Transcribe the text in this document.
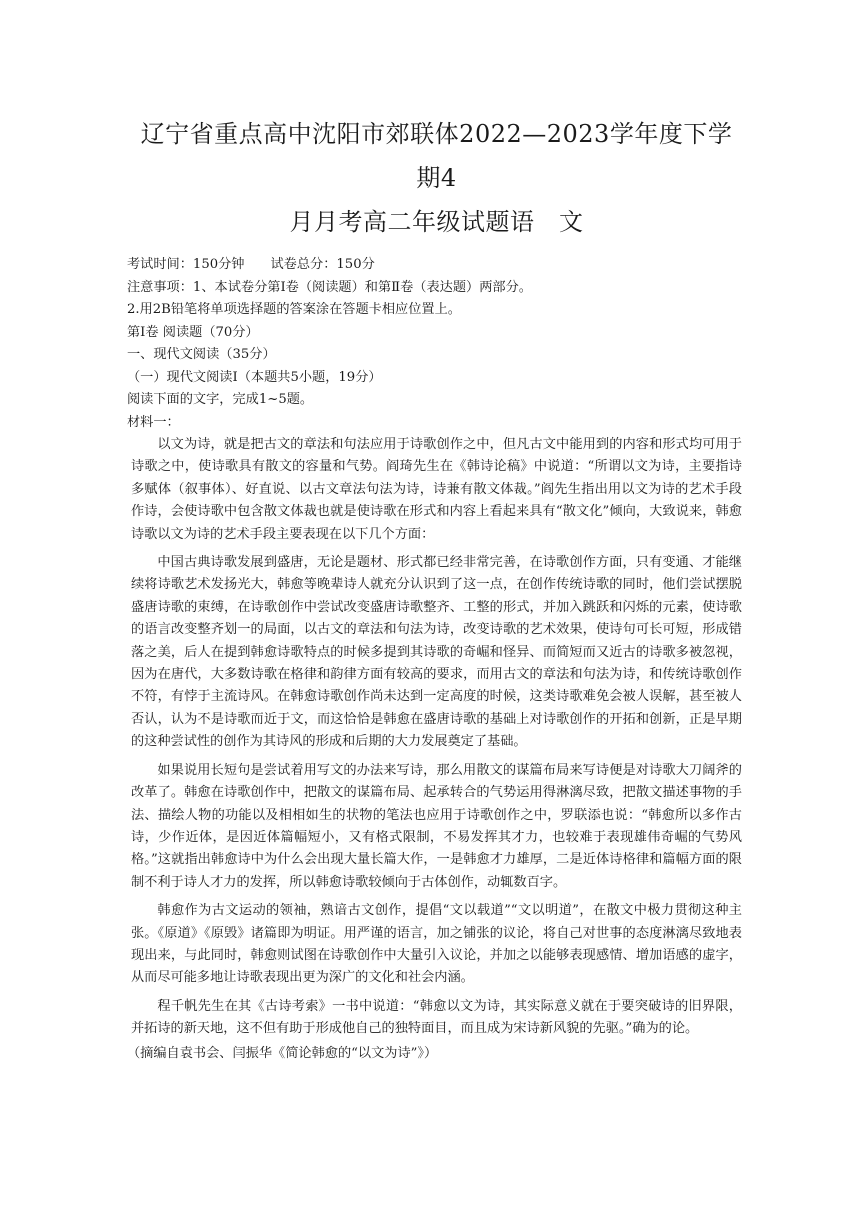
辽宁省重点高中沈阳市郊联体2022—2023学年度下学期4
月月考高二年级试题语　文

考试时间：150分钟 试卷总分：150分

注意事项：1、本试卷分第Ⅰ卷（阅读题）和第Ⅱ卷（表达题）两部分。

2.用2B铅笔将单项选择题的答案涂在答题卡相应位置上。

第Ⅰ卷 阅读题（70分）

一、现代文阅读（35分）

（一）现代文阅读Ⅰ（本题共5小题，19分）

阅读下面的文字，完成1~5题。

材料一：

以文为诗，就是把古文的章法和句法应用于诗歌创作之中，但凡古文中能用到的内容和形式均可用于诗歌之中，使诗歌具有散文的容量和气势。阎琦先生在《韩诗论稿》中说道：“所谓以文为诗，主要指诗多赋体（叙事体）、好直说、以古文章法句法为诗，诗兼有散文体裁。”阎先生指出用以文为诗的艺术手段作诗，会使诗歌中包含散文体裁也就是使诗歌在形式和内容上看起来具有“散文化”倾向，大致说来，韩愈诗歌以文为诗的艺术手段主要表现在以下几个方面：

中国古典诗歌发展到盛唐，无论是题材、形式都已经非常完善，在诗歌创作方面，只有变通、才能继续将诗歌艺术发扬光大，韩愈等晚辈诗人就充分认识到了这一点，在创作传统诗歌的同时，他们尝试摆脱盛唐诗歌的束缚，在诗歌创作中尝试改变盛唐诗歌整齐、工整的形式，并加入跳跃和闪烁的元素，使诗歌的语言改变整齐划一的局面，以古文的章法和句法为诗，改变诗歌的艺术效果，使诗句可长可短，形成错落之美，后人在提到韩愈诗歌特点的时候多提到其诗歌的奇崛和怪异、而简短而又近古的诗歌多被忽视，因为在唐代，大多数诗歌在格律和韵律方面有较高的要求，而用古文的章法和句法为诗，和传统诗歌创作不符，有悖于主流诗风。在韩愈诗歌创作尚未达到一定高度的时候，这类诗歌难免会被人误解，甚至被人否认，认为不是诗歌而近于文，而这恰恰是韩愈在盛唐诗歌的基础上对诗歌创作的开拓和创新，正是早期的这种尝试性的创作为其诗风的形成和后期的大力发展奠定了基础。

如果说用长短句是尝试着用写文的办法来写诗，那么用散文的谋篇布局来写诗便是对诗歌大刀阔斧的改革了。韩愈在诗歌创作中，把散文的谋篇布局、起承转合的气势运用得淋漓尽致，把散文描述事物的手法、描绘人物的功能以及相相如生的状物的笔法也应用于诗歌创作之中，罗联添也说：“韩愈所以多作古诗，少作近体，是因近体篇幅短小，又有格式限制，不易发挥其才力，也较难于表现雄伟奇崛的气势风格。”这就指出韩愈诗中为什么会出现大量长篇大作，一是韩愈才力雄厚，二是近体诗格律和篇幅方面的限制不利于诗人才力的发挥，所以韩愈诗歌较倾向于古体创作，动辄数百字。

韩愈作为古文运动的领袖，熟谙古文创作，提倡“文以载道”“文以明道”，在散文中极力贯彻这种主张。《原道》《原毁》诸篇即为明证。用严谨的语言，加之铺张的议论，将自己对世事的态度淋漓尽致地表现出来，与此同时，韩愈则试图在诗歌创作中大量引入议论，并加之以能够表现感情、增加语感的虚字，从而尽可能多地让诗歌表现出更为深广的文化和社会内涵。

程千帆先生在其《古诗考索》一书中说道：“韩愈以文为诗，其实际意义就在于要突破诗的旧界限，并拓诗的新天地，这不但有助于形成他自己的独特面目，而且成为宋诗新风貌的先驱。”确为的论。

（摘编自袁书会、闫振华《简论韩愈的“以文为诗”》）
